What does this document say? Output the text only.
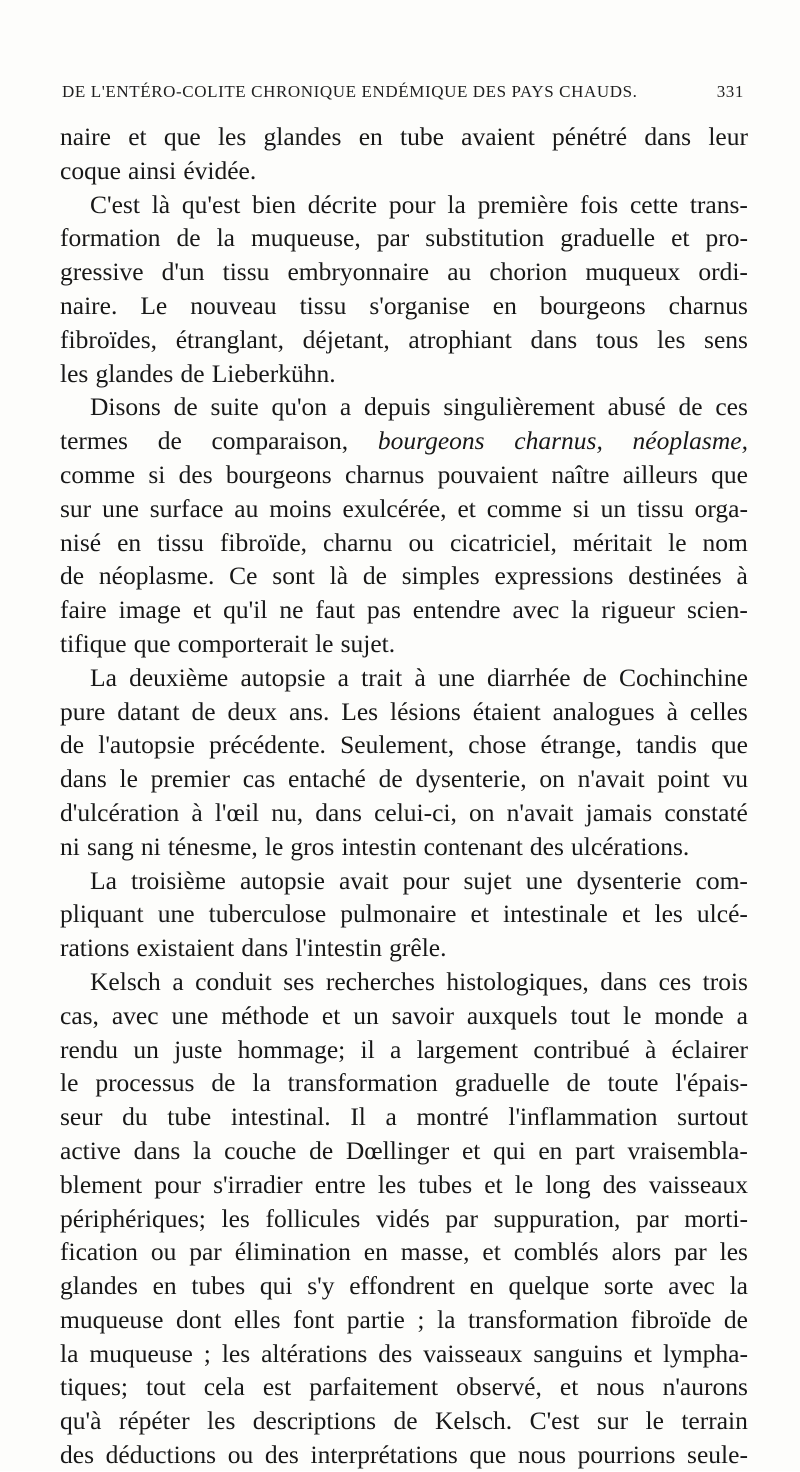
DE L'ENTÉRO-COLITE CHRONIQUE ENDÉMIQUE DES PAYS CHAUDS.	331
naire et que les glandes en tube avaient pénétré dans leur
coque ainsi évidée.
C'est là qu'est bien décrite pour la première fois cette trans-
formation de la muqueuse, par substitution graduelle et pro-
gressive d'un tissu embryonnaire au chorion muqueux ordi-
naire. Le nouveau tissu s'organise en bourgeons charnus
fibroïdes, étranglant, déjetant, atrophiant dans tous les sens
les glandes de Lieberkühn.
Disons de suite qu'on a depuis singulièrement abusé de ces
termes de comparaison, bourgeons charnus, néoplasme,
comme si des bourgeons charnus pouvaient naître ailleurs que
sur une surface au moins exulcérée, et comme si un tissu orga-
nisé en tissu fibroïde, charnu ou cicatriciel, méritait le nom
de néoplasme. Ce sont là de simples expressions destinées à
faire image et qu'il ne faut pas entendre avec la rigueur scien-
tifique que comporterait le sujet.
La deuxième autopsie a trait à une diarrhée de Cochinchine
pure datant de deux ans. Les lésions étaient analogues à celles
de l'autopsie précédente. Seulement, chose étrange, tandis que
dans le premier cas entaché de dysenterie, on n'avait point vu
d'ulcération à l'œil nu, dans celui-ci, on n'avait jamais constaté
ni sang ni ténesme, le gros intestin contenant des ulcérations.
La troisième autopsie avait pour sujet une dysenterie com-
pliquant une tuberculose pulmonaire et intestinale et les ulcé-
rations existaient dans l'intestin grêle.
Kelsch a conduit ses recherches histologiques, dans ces trois
cas, avec une méthode et un savoir auxquels tout le monde a
rendu un juste hommage; il a largement contribué à éclairer
le processus de la transformation graduelle de toute l'épais-
seur du tube intestinal. Il a montré l'inflammation surtout
active dans la couche de Dœllinger et qui en part vraisembla-
blement pour s'irradier entre les tubes et le long des vaisseaux
périphériques; les follicules vidés par suppuration, par morti-
fication ou par élimination en masse, et comblés alors par les
glandes en tubes qui s'y effondrent en quelque sorte avec la
muqueuse dont elles font partie ; la transformation fibroïde de
la muqueuse ; les altérations des vaisseaux sanguins et lympha-
tiques; tout cela est parfaitement observé, et nous n'aurons
qu'à répéter les descriptions de Kelsch. C'est sur le terrain
des déductions ou des interprétations que nous pourrions seule-
